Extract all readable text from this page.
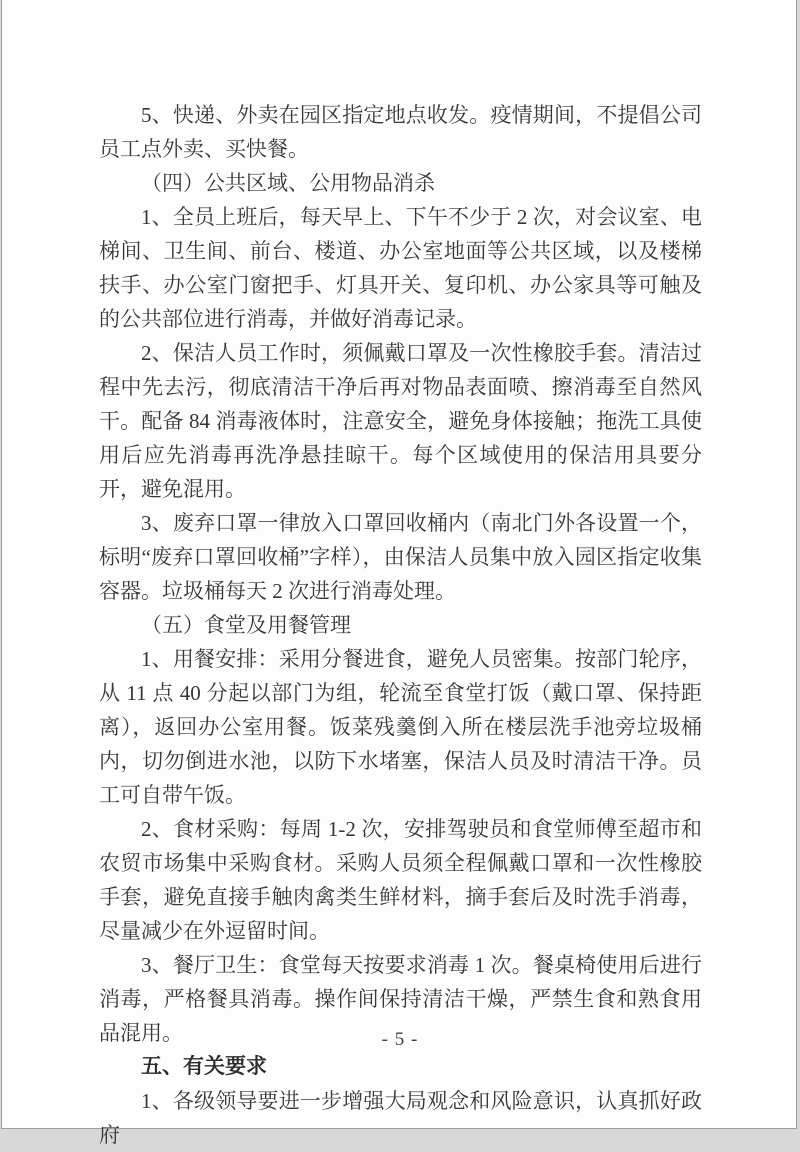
5、快递、外卖在园区指定地点收发。疫情期间，不提倡公司员工点外卖、买快餐。

（四）公共区域、公用物品消杀

1、全员上班后，每天早上、下午不少于 2 次，对会议室、电梯间、卫生间、前台、楼道、办公室地面等公共区域，以及楼梯扶手、办公室门窗把手、灯具开关、复印机、办公家具等可触及的公共部位进行消毒，并做好消毒记录。

2、保洁人员工作时，须佩戴口罩及一次性橡胶手套。清洁过程中先去污，彻底清洁干净后再对物品表面喷、擦消毒至自然风干。配备 84 消毒液体时，注意安全，避免身体接触；拖洗工具使用后应先消毒再洗净悬挂晾干。每个区域使用的保洁用具要分开，避免混用。

3、废弃口罩一律放入口罩回收桶内（南北门外各设置一个，标明“废弃口罩回收桶”字样），由保洁人员集中放入园区指定收集容器。垃圾桶每天 2 次进行消毒处理。

（五）食堂及用餐管理

1、用餐安排：采用分餐进食，避免人员密集。按部门轮序，从 11 点 40 分起以部门为组，轮流至食堂打饭（戴口罩、保持距离），返回办公室用餐。饭菜残羹倒入所在楼层洗手池旁垃圾桶内，切勿倒进水池，以防下水堵塞，保洁人员及时清洁干净。员工可自带午饭。

2、食材采购：每周 1-2 次，安排驾驶员和食堂师傅至超市和农贸市场集中采购食材。采购人员须全程佩戴口罩和一次性橡胶手套，避免直接手触肉禽类生鲜材料，摘手套后及时洗手消毒，尽量减少在外逗留时间。

3、餐厅卫生：食堂每天按要求消毒 1 次。餐桌椅使用后进行消毒，严格餐具消毒。操作间保持清洁干燥，严禁生食和熟食用品混用。

五、有关要求

1、各级领导要进一步增强大局观念和风险意识，认真抓好政府

- 5 -
